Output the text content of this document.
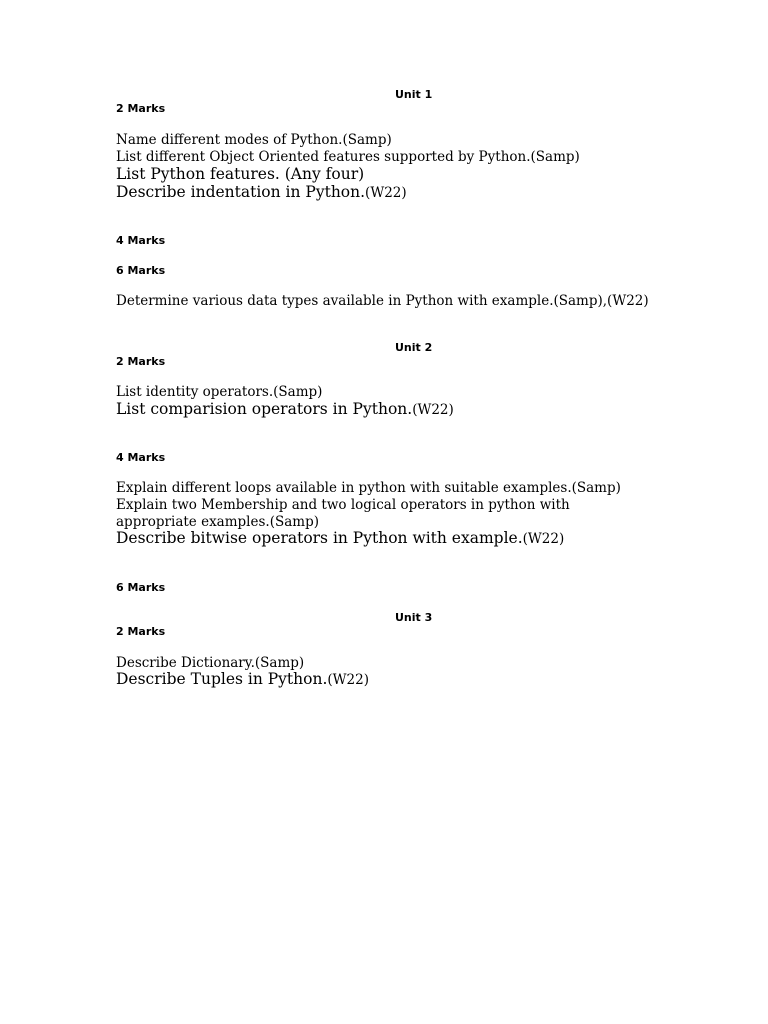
Unit 1
2 Marks
Name different modes of Python.(Samp)
List different Object Oriented features supported by Python.(Samp)
List Python features. (Any four)
Describe indentation in Python.(W22)
4 Marks
6 Marks
Determine various data types available in Python with example.(Samp),(W22)
Unit 2
2 Marks
List identity operators.(Samp)
List comparision operators in Python.(W22)
4 Marks
Explain different loops available in python with suitable examples.(Samp)
Explain two Membership and two logical operators in python with appropriate examples.(Samp)
Describe bitwise operators in Python with example.(W22)
6 Marks
Unit 3
2 Marks
Describe Dictionary.(Samp)
Describe Tuples in Python.(W22)
